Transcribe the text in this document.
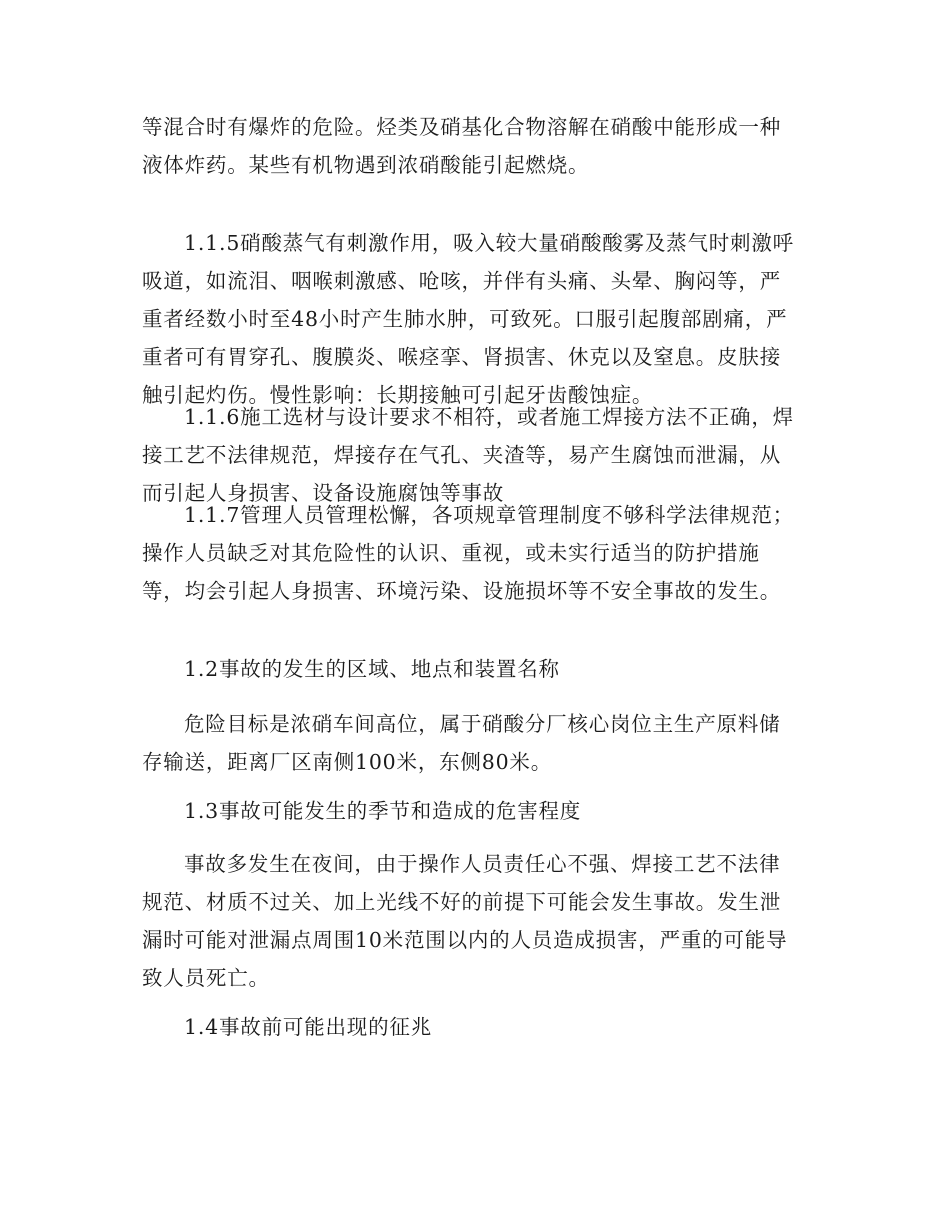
等混合时有爆炸的危险。烃类及硝基化合物溶解在硝酸中能形成一种
液体炸药。某些有机物遇到浓硝酸能引起燃烧。
1.1.5硝酸蒸气有刺激作用，吸入较大量硝酸酸雾及蒸气时刺激呼
吸道，如流泪、咽喉刺激感、呛咳，并伴有头痛、头晕、胸闷等，严
重者经数小时至48小时产生肺水肿，可致死。口服引起腹部剧痛，严
重者可有胃穿孔、腹膜炎、喉痉挛、肾损害、休克以及窒息。皮肤接
触引起灼伤。慢性影响：长期接触可引起牙齿酸蚀症。
1.1.6施工选材与设计要求不相符，或者施工焊接方法不正确，焊
接工艺不法律规范，焊接存在气孔、夹渣等，易产生腐蚀而泄漏，从
而引起人身损害、设备设施腐蚀等事故
1.1.7管理人员管理松懈，各项规章管理制度不够科学法律规范；
操作人员缺乏对其危险性的认识、重视，或未实行适当的防护措施
等，均会引起人身损害、环境污染、设施损坏等不安全事故的发生。
1.2事故的发生的区域、地点和装置名称
危险目标是浓硝车间高位，属于硝酸分厂核心岗位主生产原料储
存输送，距离厂区南侧100米，东侧80米。
1.3事故可能发生的季节和造成的危害程度
事故多发生在夜间，由于操作人员责任心不强、焊接工艺不法律
规范、材质不过关、加上光线不好的前提下可能会发生事故。发生泄
漏时可能对泄漏点周围10米范围以内的人员造成损害，严重的可能导
致人员死亡。
1.4事故前可能出现的征兆
